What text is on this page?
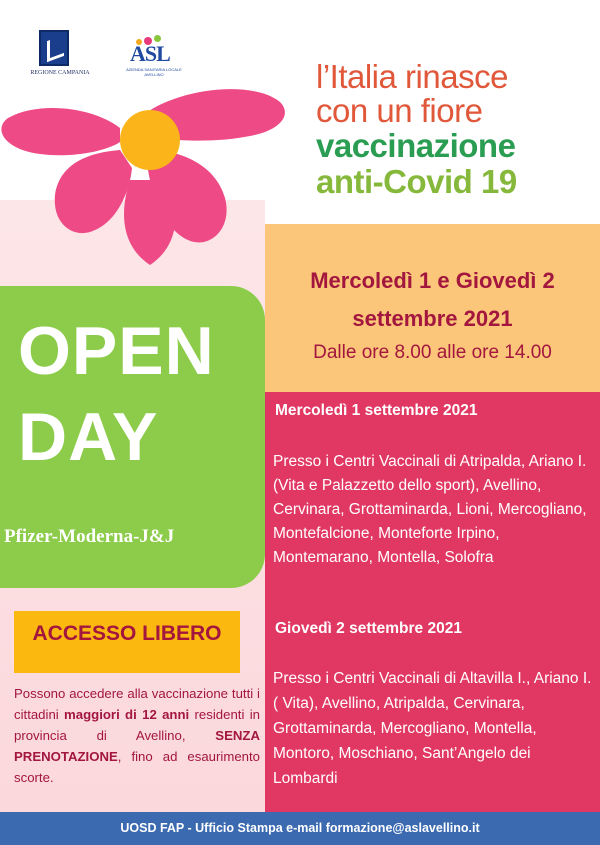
REGIONE CAMPANIA
ASL
AZIENDA SANITARIA LOCALE AVELLINO	l’Italia rinasce
con un fiore
vaccinazione
anti-Covid 19
Mercoledì 1 e Giovedì 2
settembre 2021
Dalle ore 8.00 alle ore 14.00
OPEN
DAY
Pfizer-Moderna-J&J
ACCESSO LIBERO
Possono accedere alla vaccinazione tutti i cittadini maggiori di 12 anni residenti in provincia di Avellino, SENZA PRENOTAZIONE, fino ad esaurimento scorte.
Mercoledì 1 settembre 2021
Presso i Centri Vaccinali di Atripalda, Ariano I. (Vita e Palazzetto dello sport), Avellino, Cervinara, Grottaminarda, Lioni, Mercogliano, Montefalcione, Monteforte Irpino, Montemarano, Montella, Solofra
Giovedì 2 settembre 2021
Presso i Centri Vaccinali di Altavilla I., Ariano I. ( Vita), Avellino, Atripalda, Cervinara, Grottaminarda, Mercogliano, Montella, Montoro, Moschiano, Sant’Angelo dei Lombardi
UOSD FAP - Ufficio Stampa e-mail formazione@aslavellino.it
